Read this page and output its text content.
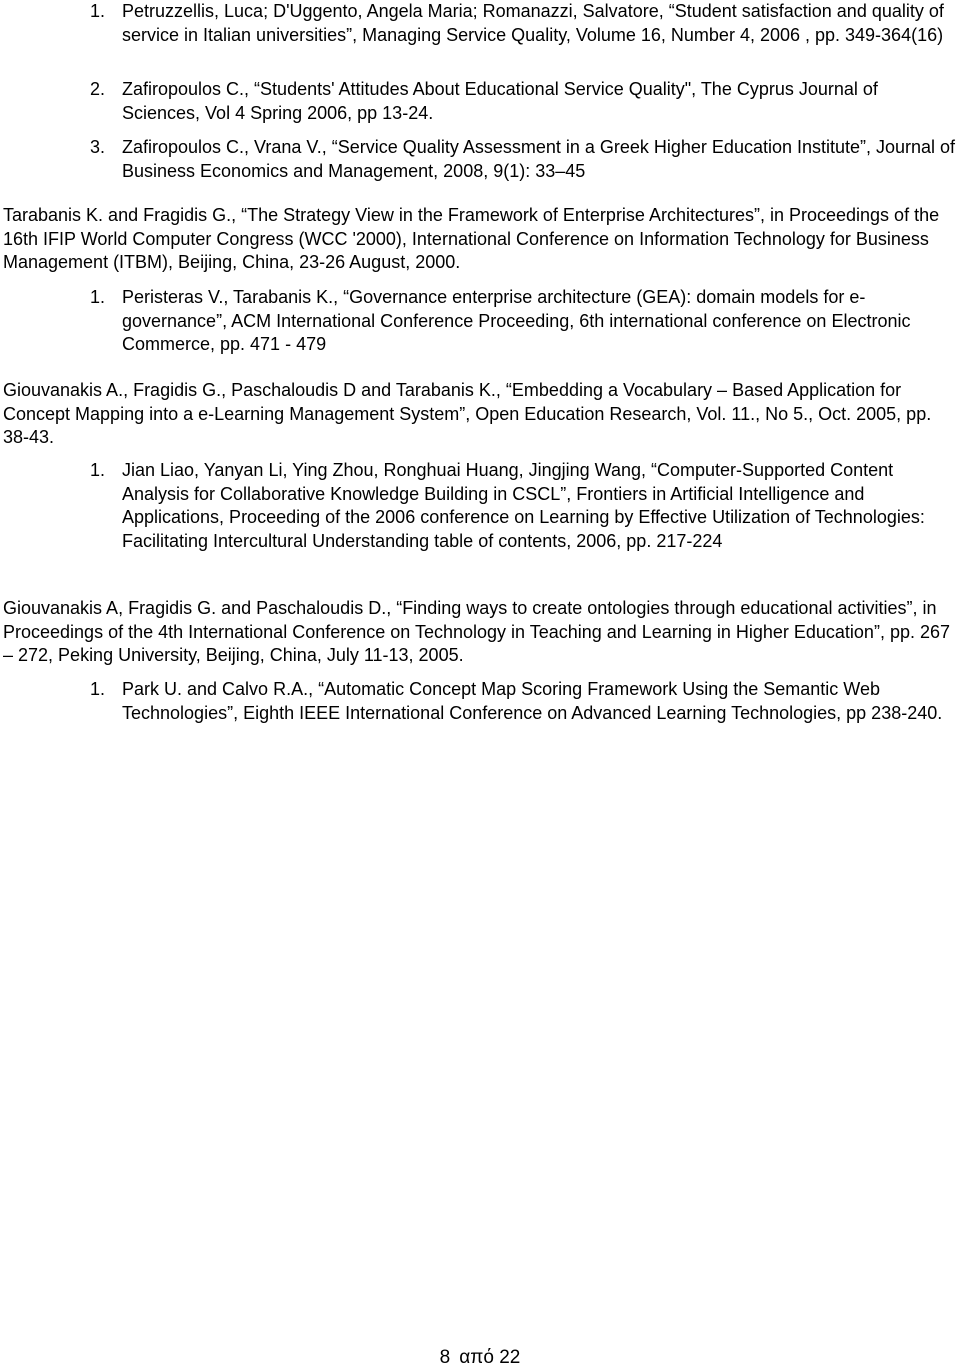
1. Petruzzellis, Luca; D'Uggento, Angela Maria; Romanazzi, Salvatore, “Student satisfaction and quality of service in Italian universities”, Managing Service Quality, Volume 16, Number 4, 2006 , pp. 349-364(16)
2. Zafiropoulos C., “Students' Attitudes About Educational Service Quality", The Cyprus Journal of Sciences, Vol 4 Spring 2006, pp 13-24.
3. Zafiropoulos C., Vrana V., “Service Quality Assessment in a Greek Higher Education Institute”, Journal of Business Economics and Management, 2008, 9(1): 33–45
Tarabanis K. and Fragidis G., “The Strategy View in the Framework of Enterprise Architectures”, in Proceedings of the 16th IFIP World Computer Congress (WCC '2000), International Conference on Information Technology for Business Management (ITBM), Beijing, China, 23-26 August, 2000.
1. Peristeras V., Tarabanis K., “Governance enterprise architecture (GEA): domain models for e-governance”, ACM International Conference Proceeding, 6th international conference on Electronic Commerce, pp. 471 - 479
Giouvanakis A., Fragidis G., Paschaloudis D and Tarabanis K., “Embedding a Vocabulary – Based Application for Concept Mapping into a e-Learning Management System”, Open Education Research, Vol. 11., No 5., Oct. 2005, pp. 38-43.
1. Jian Liao, Yanyan Li, Ying Zhou, Ronghuai Huang, Jingjing Wang, “Computer-Supported Content Analysis for Collaborative Knowledge Building in CSCL”, Frontiers in Artificial Intelligence and Applications, Proceeding of the 2006 conference on Learning by Effective Utilization of Technologies: Facilitating Intercultural Understanding table of contents, 2006, pp. 217-224
Giouvanakis A, Fragidis G. and Paschaloudis D., “Finding ways to create ontologies through educational activities”, in Proceedings of the 4th International Conference on Technology in Teaching and Learning in Higher Education”, pp. 267 – 272, Peking University, Beijing, China, July 11-13, 2005.
1. Park U. and Calvo R.A., “Automatic Concept Map Scoring Framework Using the Semantic Web Technologies”, Eighth IEEE International Conference on Advanced Learning Technologies, pp 238-240.
8 από 22
